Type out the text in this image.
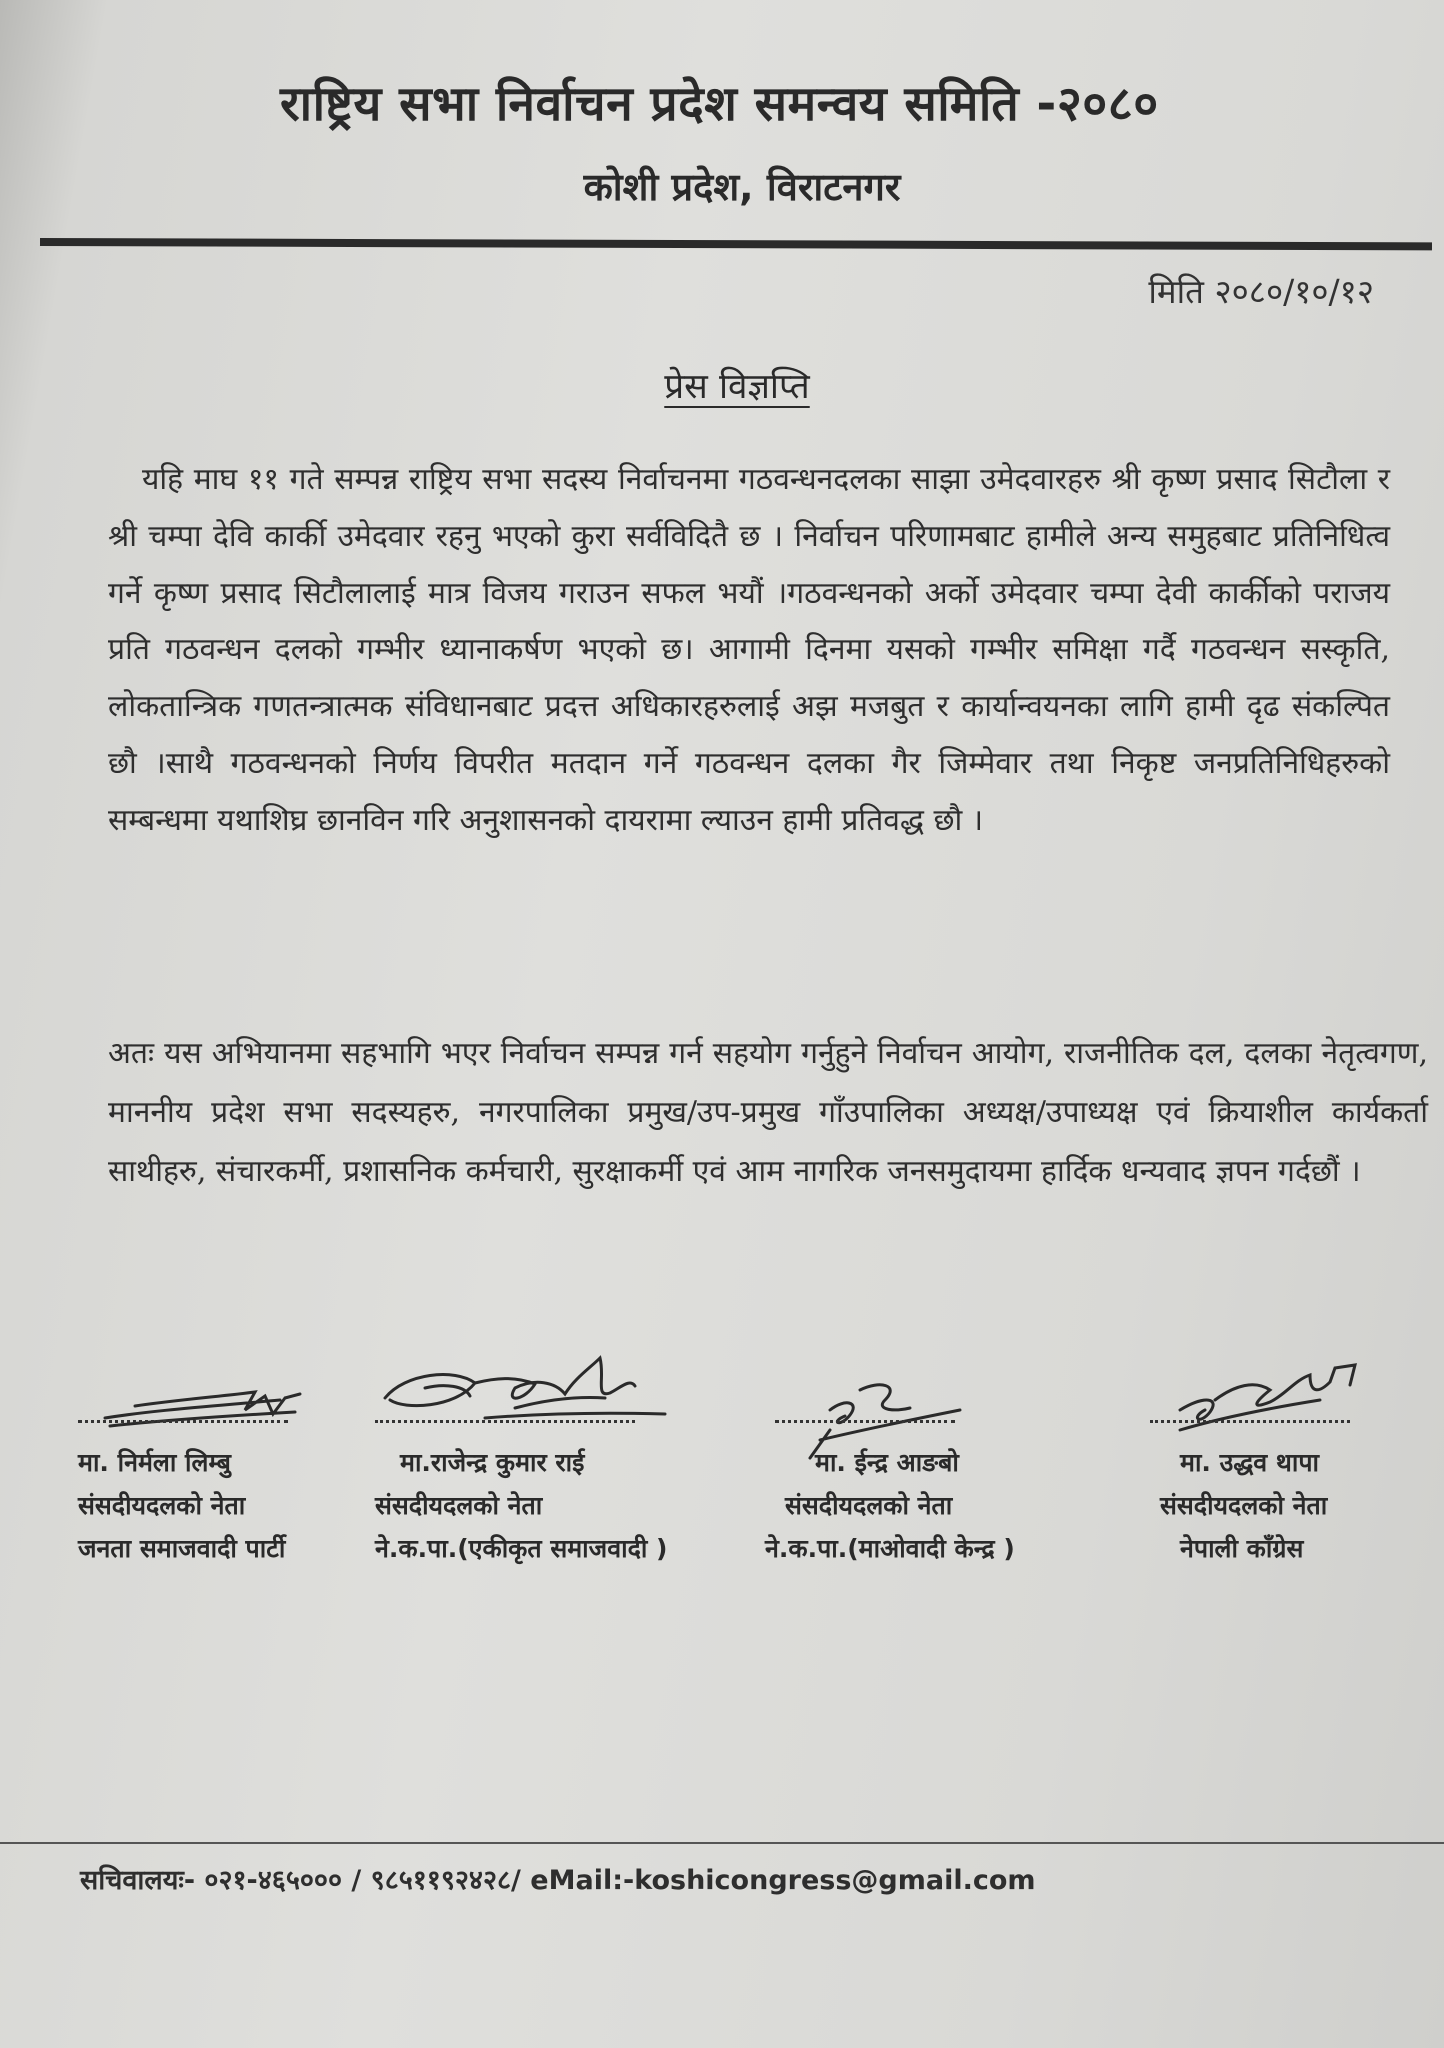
राष्ट्रिय सभा निर्वाचन प्रदेश समन्वय समिति -२०८०
कोशी प्रदेश, विराटनगर
मिति २०८०/१०/१२
प्रेस विज्ञप्ति
यहि माघ ११ गते सम्पन्न राष्ट्रिय सभा सदस्य निर्वाचनमा गठवन्धनदलका साझा उमेदवारहरु श्री कृष्ण प्रसाद सिटौला र श्री चम्पा देवि कार्की उमेदवार रहनु भएको कुरा सर्वविदितै छ । निर्वाचन परिणामबाट हामीले अन्य समुहबाट प्रतिनिधित्व गर्ने कृष्ण प्रसाद सिटौलालाई मात्र विजय गराउन सफल भयौं ।गठवन्धनको अर्को उमेदवार चम्पा देवी कार्कीको पराजय प्रति गठवन्धन दलको गम्भीर ध्यानाकर्षण भएको छ। आगामी दिनमा यसको गम्भीर समिक्षा गर्दै गठवन्धन सस्कृति, लोकतान्त्रिक गणतन्त्रात्मक संविधानबाट प्रदत्त अधिकारहरुलाई अझ मजबुत र कार्यान्वयनका लागि हामी दृढ संकल्पित छौ ।साथै गठवन्धनको निर्णय विपरीत मतदान गर्ने गठवन्धन दलका गैर जिम्मेवार तथा निकृष्ट जनप्रतिनिधिहरुको सम्बन्धमा यथाशिघ्र छानविन गरि अनुशासनको दायरामा ल्याउन हामी प्रतिवद्ध छौ ।
अतः यस अभियानमा सहभागि भएर निर्वाचन सम्पन्न गर्न सहयोग गर्नुहुने निर्वाचन आयोग, राजनीतिक दल, दलका नेतृत्वगण, माननीय प्रदेश सभा सदस्यहरु, नगरपालिका प्रमुख/उप-प्रमुख गाँउपालिका अध्यक्ष/उपाध्यक्ष एवं क्रियाशील कार्यकर्ता साथीहरु, संचारकर्मी, प्रशासनिक कर्मचारी, सुरक्षाकर्मी एवं आम नागरिक जनसमुदायमा हार्दिक धन्यवाद ज्ञपन गर्दछौं ।
मा. निर्मला लिम्बु
संसदीयदलको नेता
जनता समाजवादी पार्टी
मा.राजेन्द्र कुमार राई
संसदीयदलको नेता
ने.क.पा.(एकीकृत समाजवादी )
मा. ईन्द्र आङबो
संसदीयदलको नेता
ने.क.पा.(माओवादी केन्द्र )
मा. उद्धव थापा
संसदीयदलको नेता
नेपाली काँग्रेस
सचिवालयः- ०२१-४६५००० / ९८५११९२४२८/ eMail:-koshicongress@gmail.com
